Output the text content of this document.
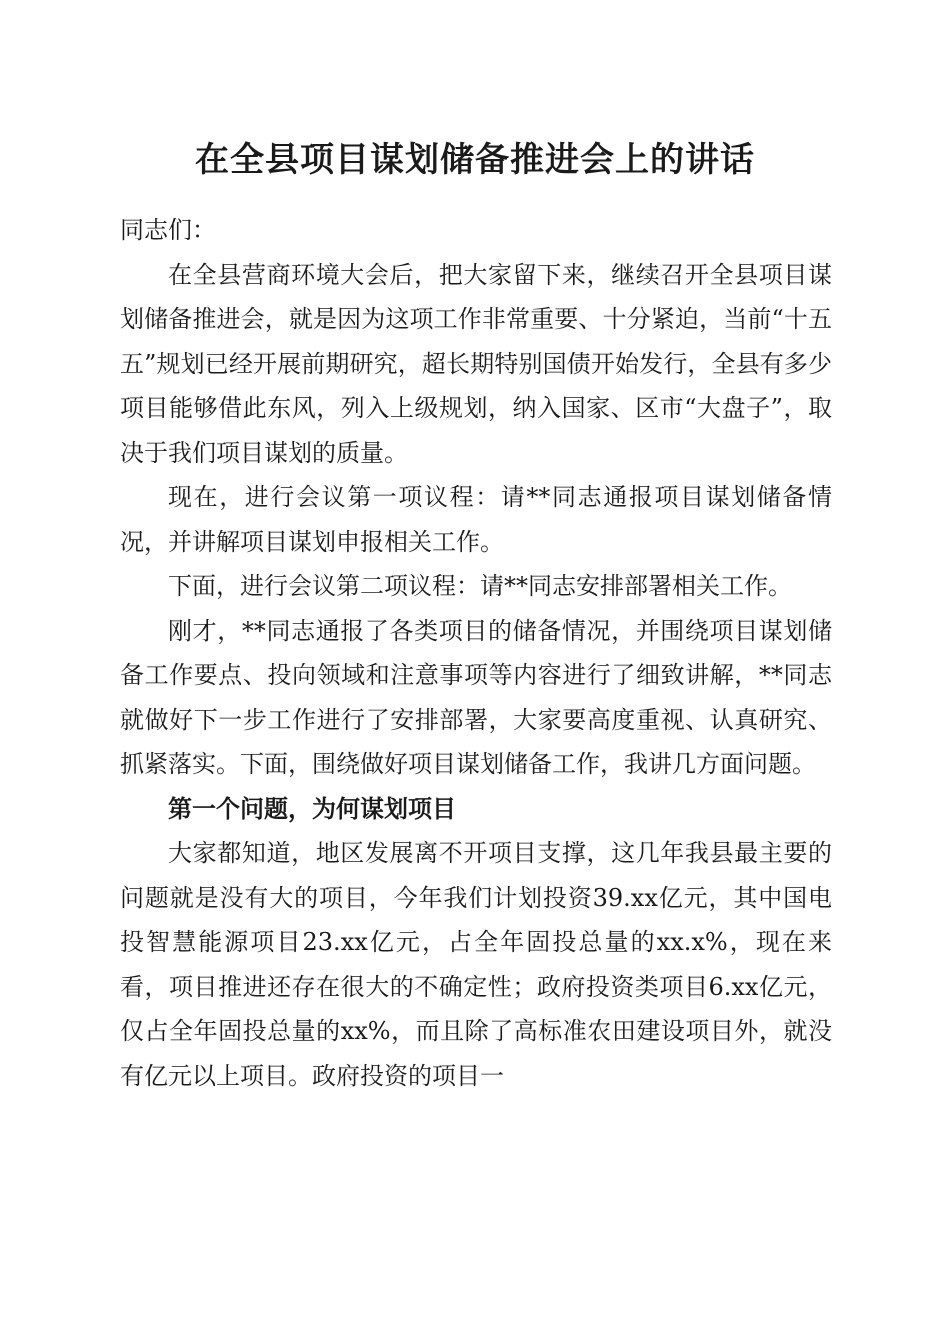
在全县项目谋划储备推进会上的讲话

同志们：

在全县营商环境大会后，把大家留下来，继续召开全县项目谋划储备推进会，就是因为这项工作非常重要、十分紧迫，当前“十五五”规划已经开展前期研究，超长期特别国债开始发行，全县有多少项目能够借此东风，列入上级规划，纳入国家、区市“大盘子”，取决于我们项目谋划的质量。

现在，进行会议第一项议程：请**同志通报项目谋划储备情况，并讲解项目谋划申报相关工作。

下面，进行会议第二项议程：请**同志安排部署相关工作。

刚才，**同志通报了各类项目的储备情况，并围绕项目谋划储备工作要点、投向领域和注意事项等内容进行了细致讲解，**同志就做好下一步工作进行了安排部署，大家要高度重视、认真研究、抓紧落实。下面，围绕做好项目谋划储备工作，我讲几方面问题。

第一个问题，为何谋划项目

大家都知道，地区发展离不开项目支撑，这几年我县最主要的问题就是没有大的项目，今年我们计划投资39.xx亿元，其中国电投智慧能源项目23.xx亿元，占全年固投总量的xx.x%，现在来看，项目推进还存在很大的不确定性；政府投资类项目6.xx亿元，仅占全年固投总量的xx%，而且除了高标准农田建设项目外，就没有亿元以上项目。政府投资的项目一
